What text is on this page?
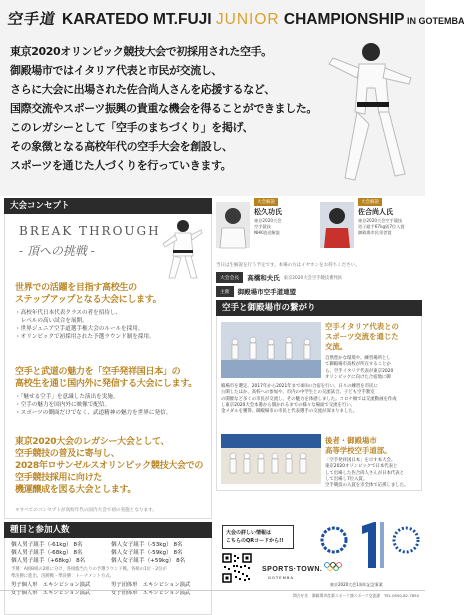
空手道 KARATEDO MT.FUJI JUNIOR CHAMPIONSHIP IN GOTEMBA

東京2020オリンピック競技大会で初採用された空手。

御殿場市ではイタリア代表と市民が交流し、

さらに大会に出場された佐合尚人さんを応援するなど、

国際交流やスポーツ振興の貴重な機会を得ることができました。

このレガシーとして「空手のまちづくり」を掲げ、

その象徴となる高校年代の空手大会を創設し、

スポーツを通じた人づくりを行っていきます。

大会コンセプト
BREAK THROUGH
- 頂への挑戦 -
世界での活躍を目指す高校生の
ステップアップとなる大会にします。
・高校年代日本代表クラスの者を招待し、
　レベルの高い試合を展開。
・世界ジュニア空手道選手権大会のルールを採用。
・オリンピックで初採用された予選ラウンド制を採用。
空手と武道の魅力を「空手発祥国日本」の
高校生を通じ国内外に発信する大会にします。
・「魅せる空手」を意識した演出を実施。
・空手の魅力を国内外に映像で配信。
・スポーツの側面だけでなく、武道精神の魅力を世界に発信。
東京2020大会のレガシー大会として、
空手競技の普及に寄与し、
2028年ロサンゼルスオリンピック競技大会での
空手競技採用に向けた
機運醸成を図る大会とします。
＊すべてのコンセプトが高校年代の国内大会で初の実施となります。
種目と参加人数
個人男子組手（-61kg） 8名	個人女子組手（-53kg） 8名
個人男子組手（-68kg） 8名	個人女子組手（-59kg） 8名
個人男子組手（+68kg） 8名	個人女子組手（+59kg） 8名
予選：A組B組の2組に分け、各組総当たりの予選ラウンド戦。各組の1位・2位が
準決勝に進出。決勝戦・準決勝：トーナメント方式。
男子個人形　エキシビション演武	男子団体形　エキシビション演武
女子個人形　エキシビション演武	女子団体形　エキシビション演武
大会解説
松久功氏
東京2020大会
空手競技
NHK放送解説
大会解説
佐合尚人氏
東京2020大会空手競技
男子組手67kg級7位入賞
御殿場市民栄誉賞
当日は生解説を行う予定です。本場の方はイヤホンをお持ちください。
大会会長	高橋和夫氏 東京2020大会空手競技審判員
主催	御殿場市空手道連盟
空手と御殿場市の繋がり
空手イタリア代表との
スポーツ交流を通じた
交流。
自然豊かな環境や、練習場所とし
て御殿場市高校が所在することか
ら、空手イタリア代表が東京2020
オリンピックに向けた合宿地に御
殿場市を選定。2017年から2021年まで4回の合宿を行い、日々の練習を市民に
公開したほか、高校への参加や、市内の中学生との交流試合、子ども空手教室
の開催など多くの市民が交流し、その魅力を体感しました。コロナ禍では交流動画を作成
し東京2020大会本番から開かれるまでの様々な場面で交流を行い、
金メダルを獲得。御殿場市の市民と代表選手の交流が深まりました。
後者・御殿場市
高等学校空手道部。
「空手発祥国日本」を示す本大会。
東京2020オリンピックで日本代表と
して出場した佐合尚人さんが日本代表と
して出場し7位入賞。
空手競技の入賞を市全体で応援しました。
大会の詳しい情報は
こちらのQRコードから!!
SPORTS·TOWN.
GOTEMBA
東京2020大会1周年記念事業
問合せ先 御殿場市産業スポーツ課スポーツ交流課 TEL 0550-82-7850
